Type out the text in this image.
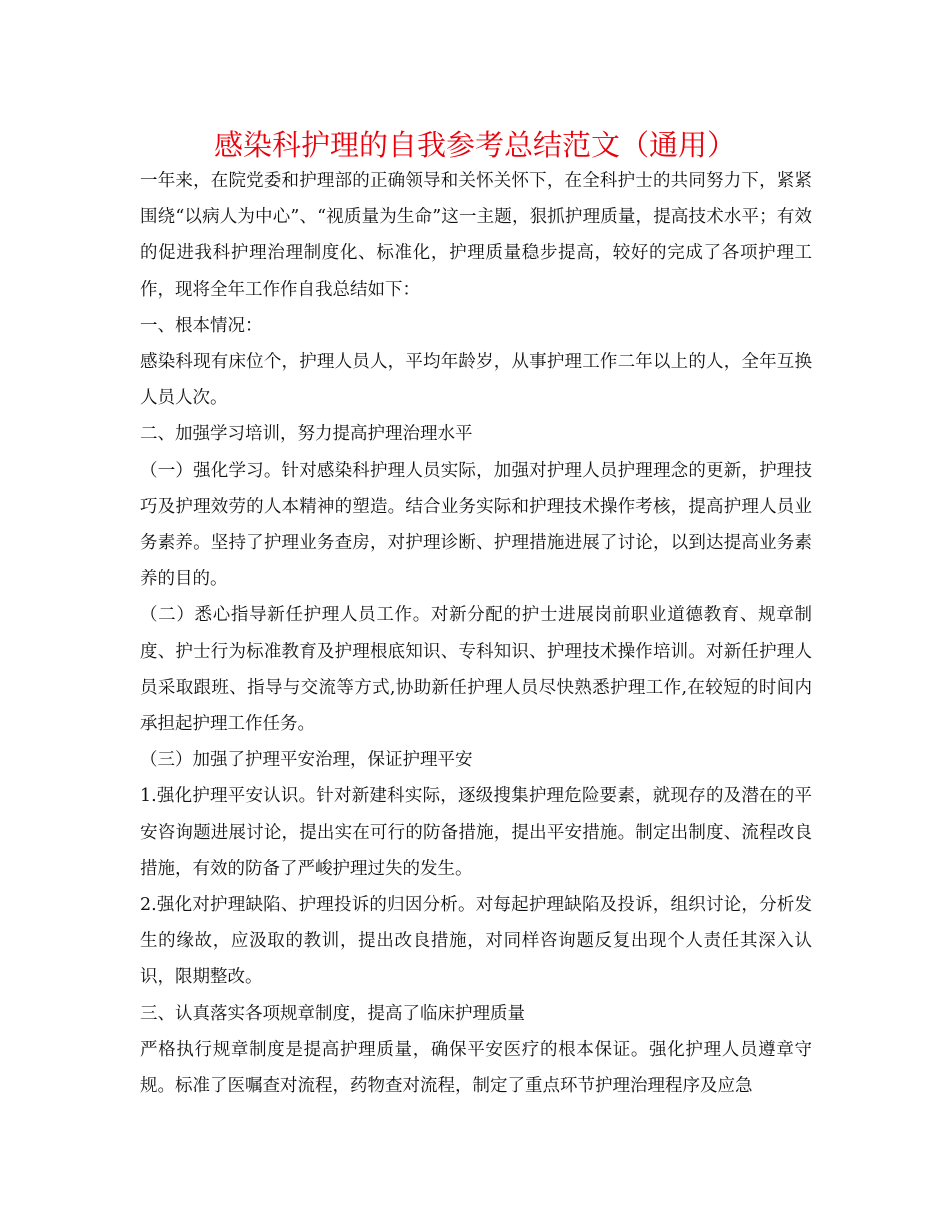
感染科护理的自我参考总结范文（通用）

一年来，在院党委和护理部的正确领导和关怀关怀下，在全科护士的共同努力下，紧紧围绕“以病人为中心”、“视质量为生命”这一主题，狠抓护理质量，提高技术水平；有效的促进我科护理治理制度化、标准化，护理质量稳步提高，较好的完成了各项护理工作，现将全年工作作自我总结如下：

一、根本情况：

感染科现有床位个，护理人员人，平均年龄岁，从事护理工作二年以上的人，全年互换人员人次。

二、加强学习培训，努力提高护理治理水平

（一）强化学习。针对感染科护理人员实际，加强对护理人员护理理念的更新，护理技巧及护理效劳的人本精神的塑造。结合业务实际和护理技术操作考核，提高护理人员业务素养。坚持了护理业务查房，对护理诊断、护理措施进展了讨论，以到达提高业务素养的目的。

（二）悉心指导新任护理人员工作。对新分配的护士进展岗前职业道德教育、规章制度、护士行为标准教育及护理根底知识、专科知识、护理技术操作培训。对新任护理人员采取跟班、指导与交流等方式,协助新任护理人员尽快熟悉护理工作,在较短的时间内承担起护理工作任务。

（三）加强了护理平安治理，保证护理平安

1.强化护理平安认识。针对新建科实际，逐级搜集护理危险要素，就现存的及潜在的平安咨询题进展讨论，提出实在可行的防备措施，提出平安措施。制定出制度、流程改良措施，有效的防备了严峻护理过失的发生。

2.强化对护理缺陷、护理投诉的归因分析。对每起护理缺陷及投诉，组织讨论，分析发生的缘故，应汲取的教训，提出改良措施，对同样咨询题反复出现个人责任其深入认识，限期整改。

三、认真落实各项规章制度，提高了临床护理质量

严格执行规章制度是提高护理质量，确保平安医疗的根本保证。强化护理人员遵章守规。标准了医嘱查对流程，药物查对流程，制定了重点环节护理治理程序及应急
